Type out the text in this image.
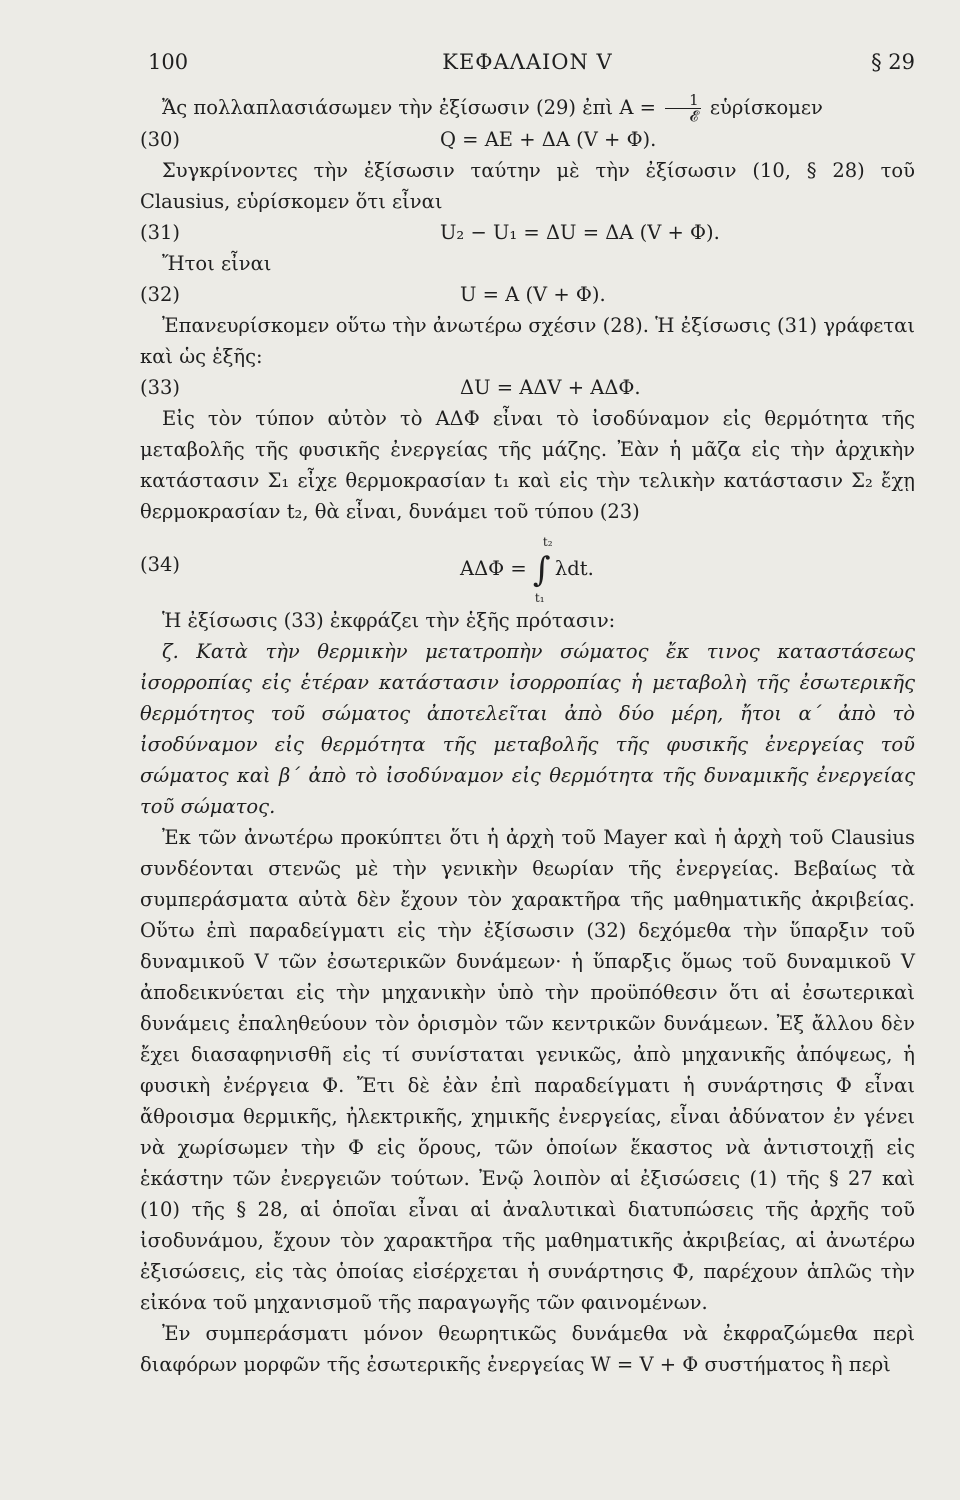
100	ΚΕΦΑΛΑΙΟΝ V	§ 29

Ἄς πολλαπλασιάσωμεν τὴν ἐξίσωσιν (29) ἐπὶ $A = \frac{1}{\text{𝓔}}$ εὑρίσκομεν

(30)	Q = AE + ΔA (V + Φ).

Συγκρίνοντες τὴν ἐξίσωσιν ταύτην μὲ τὴν ἐξίσωσιν (10, § 28) τοῦ Clausius, εὑρίσκομεν ὅτι εἶναι

(31)	U₂ − U₁ = ΔU = ΔA (V + Φ).

Ἤτοι εἶναι

(32)	U = A (V + Φ).

Ἐπανευρίσκομεν οὕτω τὴν ἀνωτέρω σχέσιν (28). Ἡ ἐξίσωσις (31) γράφεται καὶ ὡς ἑξῆς:

(33)	ΔU = AΔV + AΔΦ.

Εἰς τὸν τύπον αὐτὸν τὸ AΔΦ εἶναι τὸ ἰσοδύναμον εἰς θερμότητα τῆς μεταβολῆς τῆς φυσικῆς ἐνεργείας τῆς μάζης. Ἐὰν ἡ μᾶζα εἰς τὴν ἀρχικὴν κατάστασιν Σ₁ εἶχε θερμοκρασίαν t₁ καὶ εἰς τὴν τελικὴν κατάστασιν Σ₂ ἔχῃ θερμοκρασίαν t₂, θὰ εἶναι, δυνάμει τοῦ τύπου (23)

(34)	AΔΦ = ∫
t₂
t₁
λdt.

Ἡ ἐξίσωσις (33) ἐκφράζει τὴν ἑξῆς πρότασιν:

ζ. Κατὰ τὴν θερμικὴν μετατροπὴν σώματος ἔκ τινος καταστάσεως ἰσορροπίας εἰς ἑτέραν κατάστασιν ἰσορροπίας ἡ μεταβολὴ τῆς ἐσωτερικῆς θερμότητος τοῦ σώματος ἀποτελεῖται ἀπὸ δύο μέρη, ἤτοι α΄ ἀπὸ τὸ ἰσοδύναμον εἰς θερμότητα τῆς μεταβολῆς τῆς φυσικῆς ἐνεργείας τοῦ σώματος καὶ β΄ ἀπὸ τὸ ἰσοδύναμον εἰς θερμότητα τῆς δυναμικῆς ἐνεργείας τοῦ σώματος.

Ἐκ τῶν ἀνωτέρω προκύπτει ὅτι ἡ ἀρχὴ τοῦ Mayer καὶ ἡ ἀρχὴ τοῦ Clausius συνδέονται στενῶς μὲ τὴν γενικὴν θεωρίαν τῆς ἐνεργείας. Βεβαίως τὰ συμπεράσματα αὐτὰ δὲν ἔχουν τὸν χαρακτῆρα τῆς μαθηματικῆς ἀκριβείας. Οὕτω ἐπὶ παραδείγματι εἰς τὴν ἐξίσωσιν (32) δεχόμεθα τὴν ὕπαρξιν τοῦ δυναμικοῦ V τῶν ἐσωτερικῶν δυνάμεων· ἡ ὕπαρξις ὅμως τοῦ δυναμικοῦ V ἀποδεικνύεται εἰς τὴν μηχανικὴν ὑπὸ τὴν προϋπόθεσιν ὅτι αἱ ἐσωτερικαὶ δυνάμεις ἐπαληθεύουν τὸν ὁρισμὸν τῶν κεντρικῶν δυνάμεων. Ἐξ ἄλλου δὲν ἔχει διασαφηνισθῆ εἰς τί συνίσταται γενικῶς, ἀπὸ μηχανικῆς ἀπόψεως, ἡ φυσικὴ ἐνέργεια Φ. Ἔτι δὲ ἐὰν ἐπὶ παραδείγματι ἡ συνάρτησις Φ εἶναι ἄθροισμα θερμικῆς, ἠλεκτρικῆς, χημικῆς ἐνεργείας, εἶναι ἀδύνατον ἐν γένει νὰ χωρίσωμεν τὴν Φ εἰς ὅρους, τῶν ὁποίων ἕκαστος νὰ ἀντιστοιχῇ εἰς ἑκάστην τῶν ἐνεργειῶν τούτων. Ἐνῷ λοιπὸν αἱ ἐξισώσεις (1) τῆς § 27 καὶ (10) τῆς § 28, αἱ ὁποῖαι εἶναι αἱ ἀναλυτικαὶ διατυπώσεις τῆς ἀρχῆς τοῦ ἰσοδυνάμου, ἔχουν τὸν χαρακτῆρα τῆς μαθηματικῆς ἀκριβείας, αἱ ἀνωτέρω ἐξισώσεις, εἰς τὰς ὁποίας εἰσέρχεται ἡ συνάρτησις Φ, παρέχουν ἁπλῶς τὴν εἰκόνα τοῦ μηχανισμοῦ τῆς παραγωγῆς τῶν φαινομένων.

Ἐν συμπεράσματι μόνον θεωρητικῶς δυνάμεθα νὰ ἐκφραζώμεθα περὶ διαφόρων μορφῶν τῆς ἐσωτερικῆς ἐνεργείας W = V + Φ συστήματος ἢ περὶ
